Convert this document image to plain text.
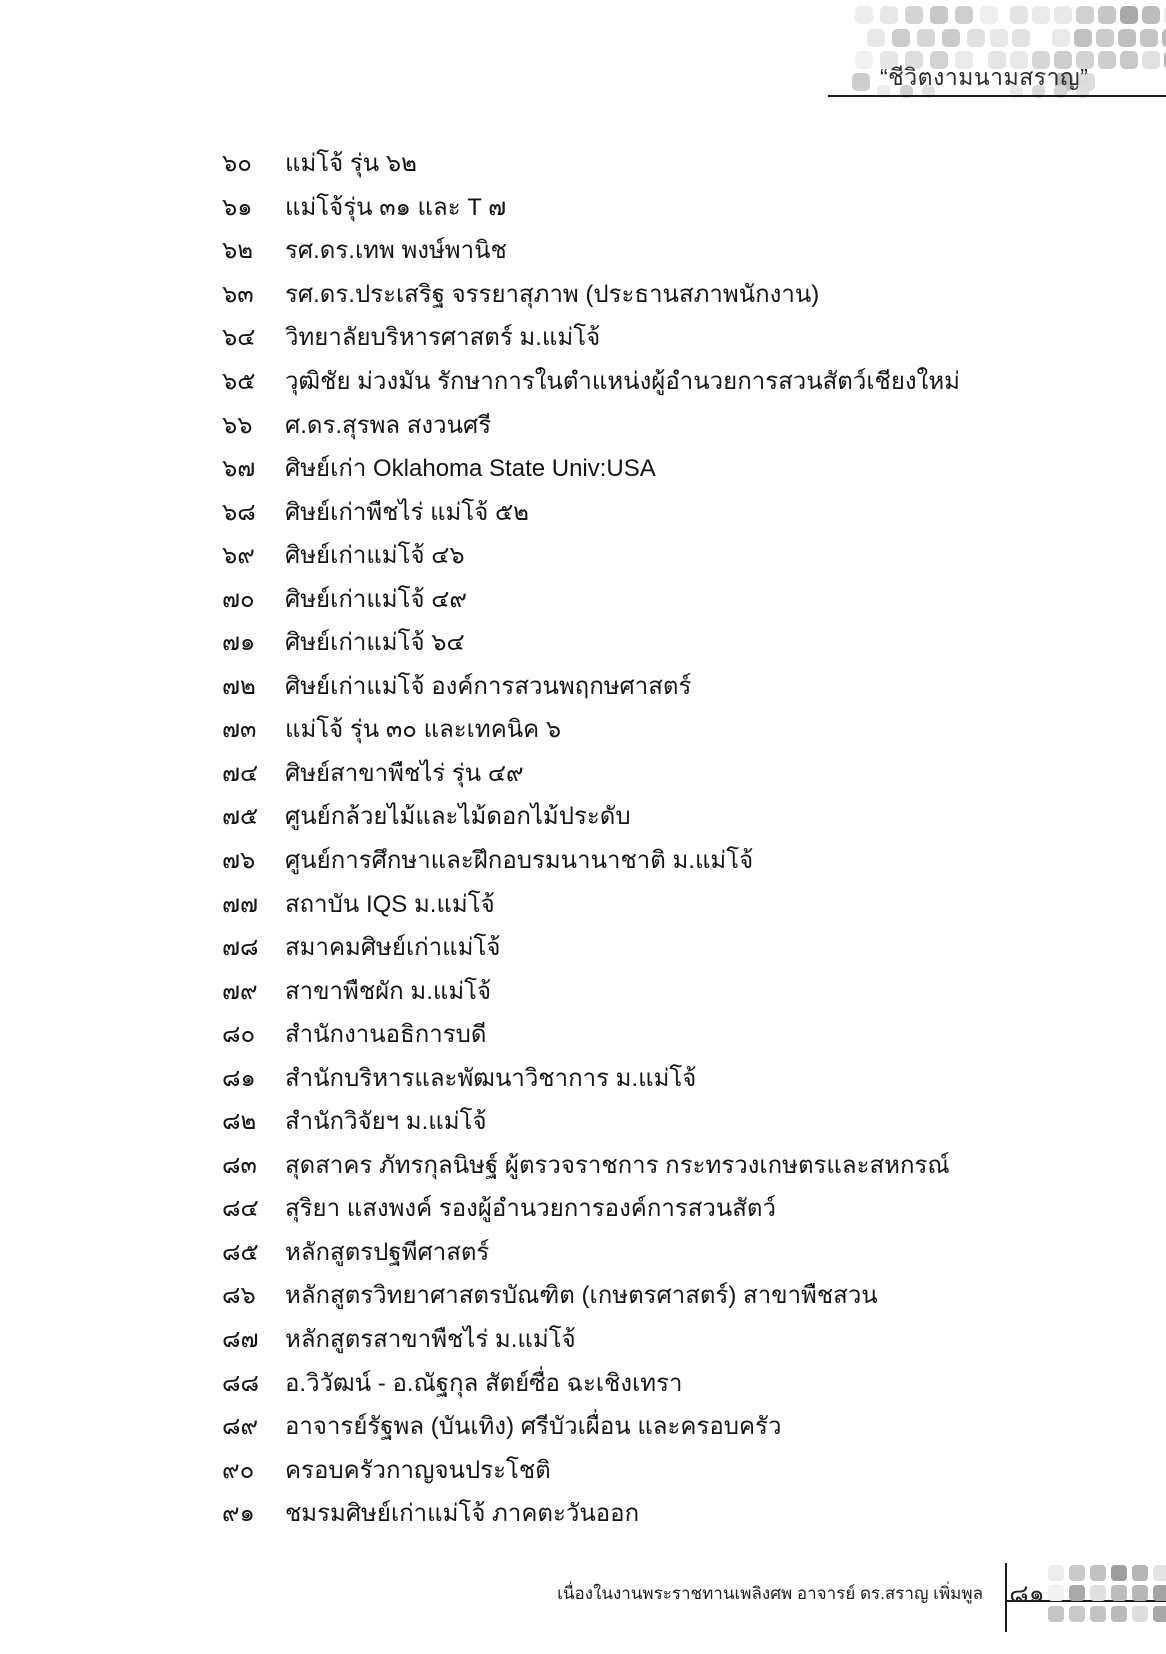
“ชีวิตงามนามสราญ”
๖๐	แม่โจ้ รุ่น ๖๒
๖๑	แม่โจ้รุ่น ๓๑ และ T ๗
๖๒	รศ.ดร.เทพ พงษ์พานิช
๖๓	รศ.ดร.ประเสริฐ จรรยาสุภาพ (ประธานสภาพนักงาน)
๖๔	วิทยาลัยบริหารศาสตร์ ม.แม่โจ้
๖๕	วุฒิชัย ม่วงมัน รักษาการในตำแหน่งผู้อำนวยการสวนสัตว์เชียงใหม่
๖๖	ศ.ดร.สุรพล สงวนศรี
๖๗	ศิษย์เก่า Oklahoma State Univ:USA
๖๘	ศิษย์เก่าพืชไร่ แม่โจ้ ๕๒
๖๙	ศิษย์เก่าแม่โจ้ ๔๖
๗๐	ศิษย์เก่าแม่โจ้ ๔๙
๗๑	ศิษย์เก่าแม่โจ้ ๖๔
๗๒	ศิษย์เก่าแม่โจ้ องค์การสวนพฤกษศาสตร์
๗๓	แม่โจ้ รุ่น ๓๐ และเทคนิค ๖
๗๔	ศิษย์สาขาพืชไร่ รุ่น ๔๙
๗๕	ศูนย์กล้วยไม้และไม้ดอกไม้ประดับ
๗๖	ศูนย์การศึกษาและฝึกอบรมนานาชาติ ม.แม่โจ้
๗๗	สถาบัน IQS ม.แม่โจ้
๗๘	สมาคมศิษย์เก่าแม่โจ้
๗๙	สาขาพืชผัก ม.แม่โจ้
๘๐	สำนักงานอธิการบดี
๘๑	สำนักบริหารและพัฒนาวิชาการ ม.แม่โจ้
๘๒	สำนักวิจัยฯ ม.แม่โจ้
๘๓	สุดสาคร ภัทรกุลนิษฐ์ ผู้ตรวจราชการ กระทรวงเกษตรและสหกรณ์
๘๔	สุริยา แสงพงค์ รองผู้อำนวยการองค์การสวนสัตว์
๘๕	หลักสูตรปฐพีศาสตร์
๘๖	หลักสูตรวิทยาศาสตรบัณฑิต (เกษตรศาสตร์) สาขาพืชสวน
๘๗	หลักสูตรสาขาพืชไร่ ม.แม่โจ้
๘๘	อ.วิวัฒน์ - อ.ณัฐกุล สัตย์ซื่อ ฉะเชิงเทรา
๘๙	อาจารย์รัฐพล (บันเทิง) ศรีบัวเผื่อน และครอบครัว
๙๐	ครอบครัวกาญจนประโชติ
๙๑	ชมรมศิษย์เก่าแม่โจ้ ภาคตะวันออก
เนื่องในงานพระราชทานเพลิงศพ อาจารย์ ดร.สราญ เพิ่มพูล ๘๑
